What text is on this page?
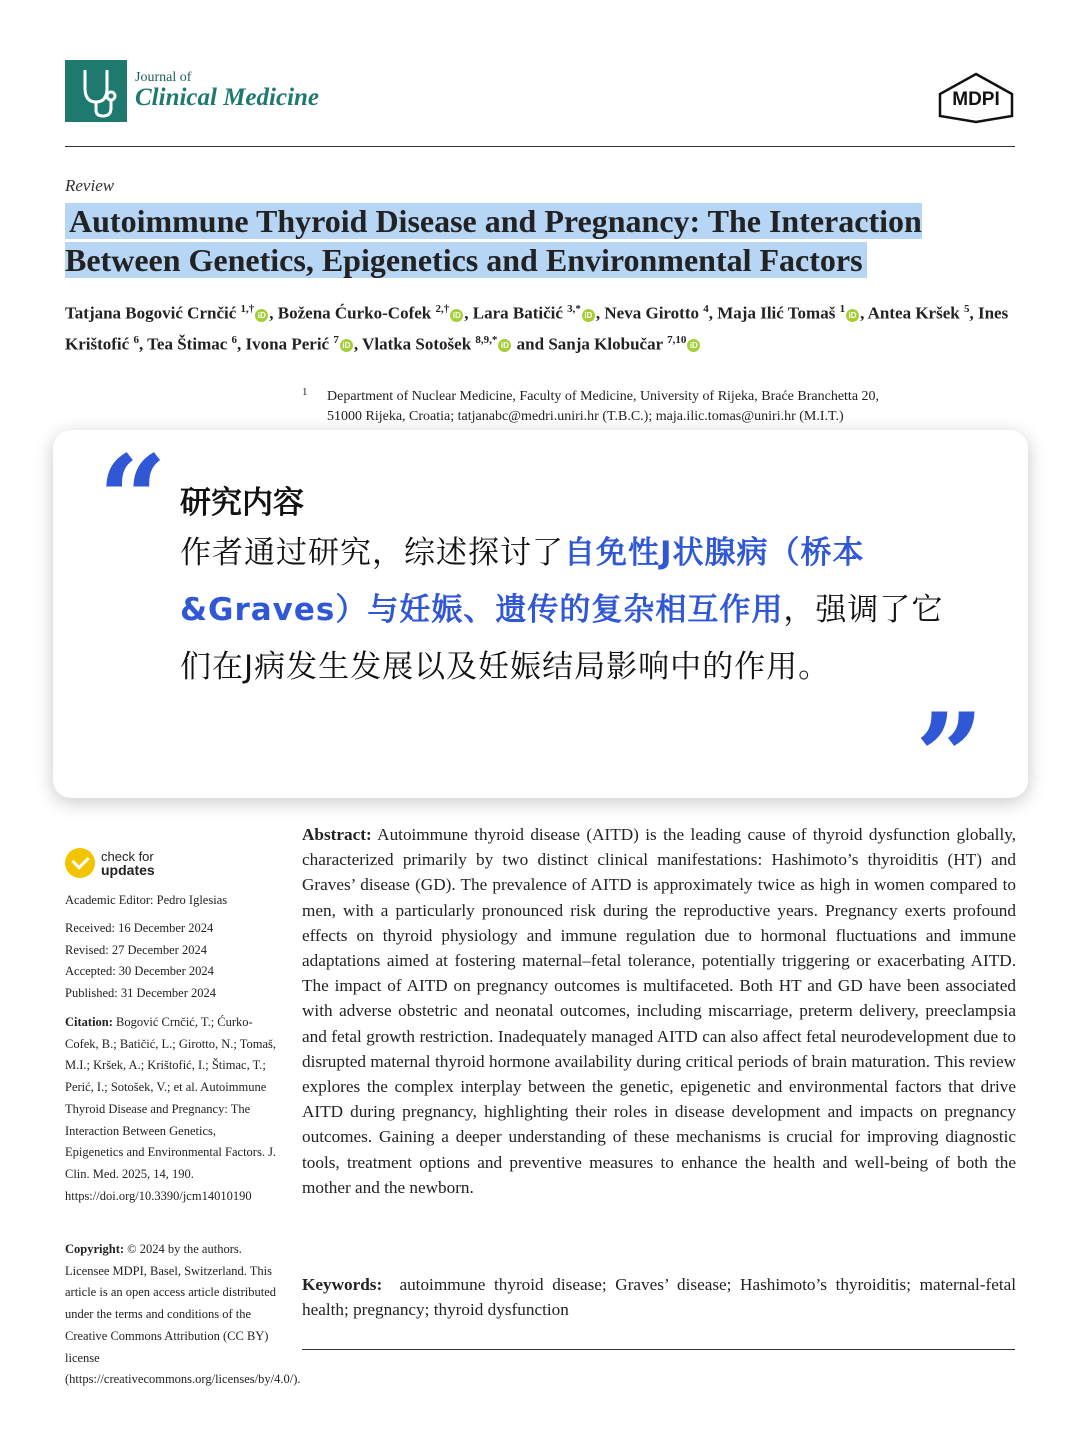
Journal of
Clinical Medicine	MDPI
Review
Autoimmune Thyroid Disease and Pregnancy: The Interaction Between Genetics, Epigenetics and Environmental Factors
Tatjana Bogović Crnčić $^{1,\dagger}$iD , Božena Ćurko-Cofek $^{2,\dagger}$iD , Lara Batičić $^{3,*}$iD , Neva Girotto $^4$, Maja Ilić Tomaš $^1$iD , Antea Kršek $^5$, Ines Krištofić $^6$, Tea Štimac $^6$, Ivona Perić $^7$iD , Vlatka Sotošek $^{8,9,*}$iD and Sanja Klobučar $^{7,10}$iD
1 Department of Nuclear Medicine, Faculty of Medicine, University of Rijeka, Braće Branchetta 20,
51000 Rijeka, Croatia; tatjanabc@medri.uniri.hr (T.B.C.); maja.ilic.tomas@uniri.hr (M.I.T.)
“ 研究内容
作者通过研究，综述探讨了自免性J状腺病（桥本&Graves）与妊娠、遗传的复杂相互作用，强调了它们在J病发生发展以及妊娠结局影响中的作用。
”
check for
updates
Academic Editor: Pedro Iglesias
Received: 16 December 2024
Revised: 27 December 2024
Accepted: 30 December 2024
Published: 31 December 2024
Citation: Bogović Crnčić, T.; Ćurko-Cofek, B.; Batičić, L.; Girotto, N.; Tomaš, M.I.; Kršek, A.; Krištofić, I.; Štimac, T.; Perić, I.; Sotošek, V.; et al. Autoimmune Thyroid Disease and Pregnancy: The Interaction Between Genetics, Epigenetics and Environmental Factors. J. Clin. Med. 2025, 14, 190. https://doi.org/10.3390/jcm14010190
Copyright: © 2024 by the authors. Licensee MDPI, Basel, Switzerland. This article is an open access article distributed under the terms and conditions of the Creative Commons Attribution (CC BY) license (https://creativecommons.org/licenses/by/4.0/).
Abstract: Autoimmune thyroid disease (AITD) is the leading cause of thyroid dysfunction globally, characterized primarily by two distinct clinical manifestations: Hashimoto’s thyroiditis (HT) and Graves’ disease (GD). The prevalence of AITD is approximately twice as high in women compared to men, with a particularly pronounced risk during the reproductive years. Pregnancy exerts profound effects on thyroid physiology and immune regulation due to hormonal fluctuations and immune adaptations aimed at fostering maternal–fetal tolerance, potentially triggering or exacerbating AITD. The impact of AITD on pregnancy outcomes is multifaceted. Both HT and GD have been associated with adverse obstetric and neonatal outcomes, including miscarriage, preterm delivery, preeclampsia and fetal growth restriction. Inadequately managed AITD can also affect fetal neurodevelopment due to disrupted maternal thyroid hormone availability during critical periods of brain maturation. This review explores the complex interplay between the genetic, epigenetic and environmental factors that drive AITD during pregnancy, highlighting their roles in disease development and impacts on pregnancy outcomes. Gaining a deeper understanding of these mechanisms is crucial for improving diagnostic tools, treatment options and preventive measures to enhance the health and well-being of both the mother and the newborn.
Keywords: autoimmune thyroid disease; Graves’ disease; Hashimoto’s thyroiditis; maternal-fetal health; pregnancy; thyroid dysfunction
